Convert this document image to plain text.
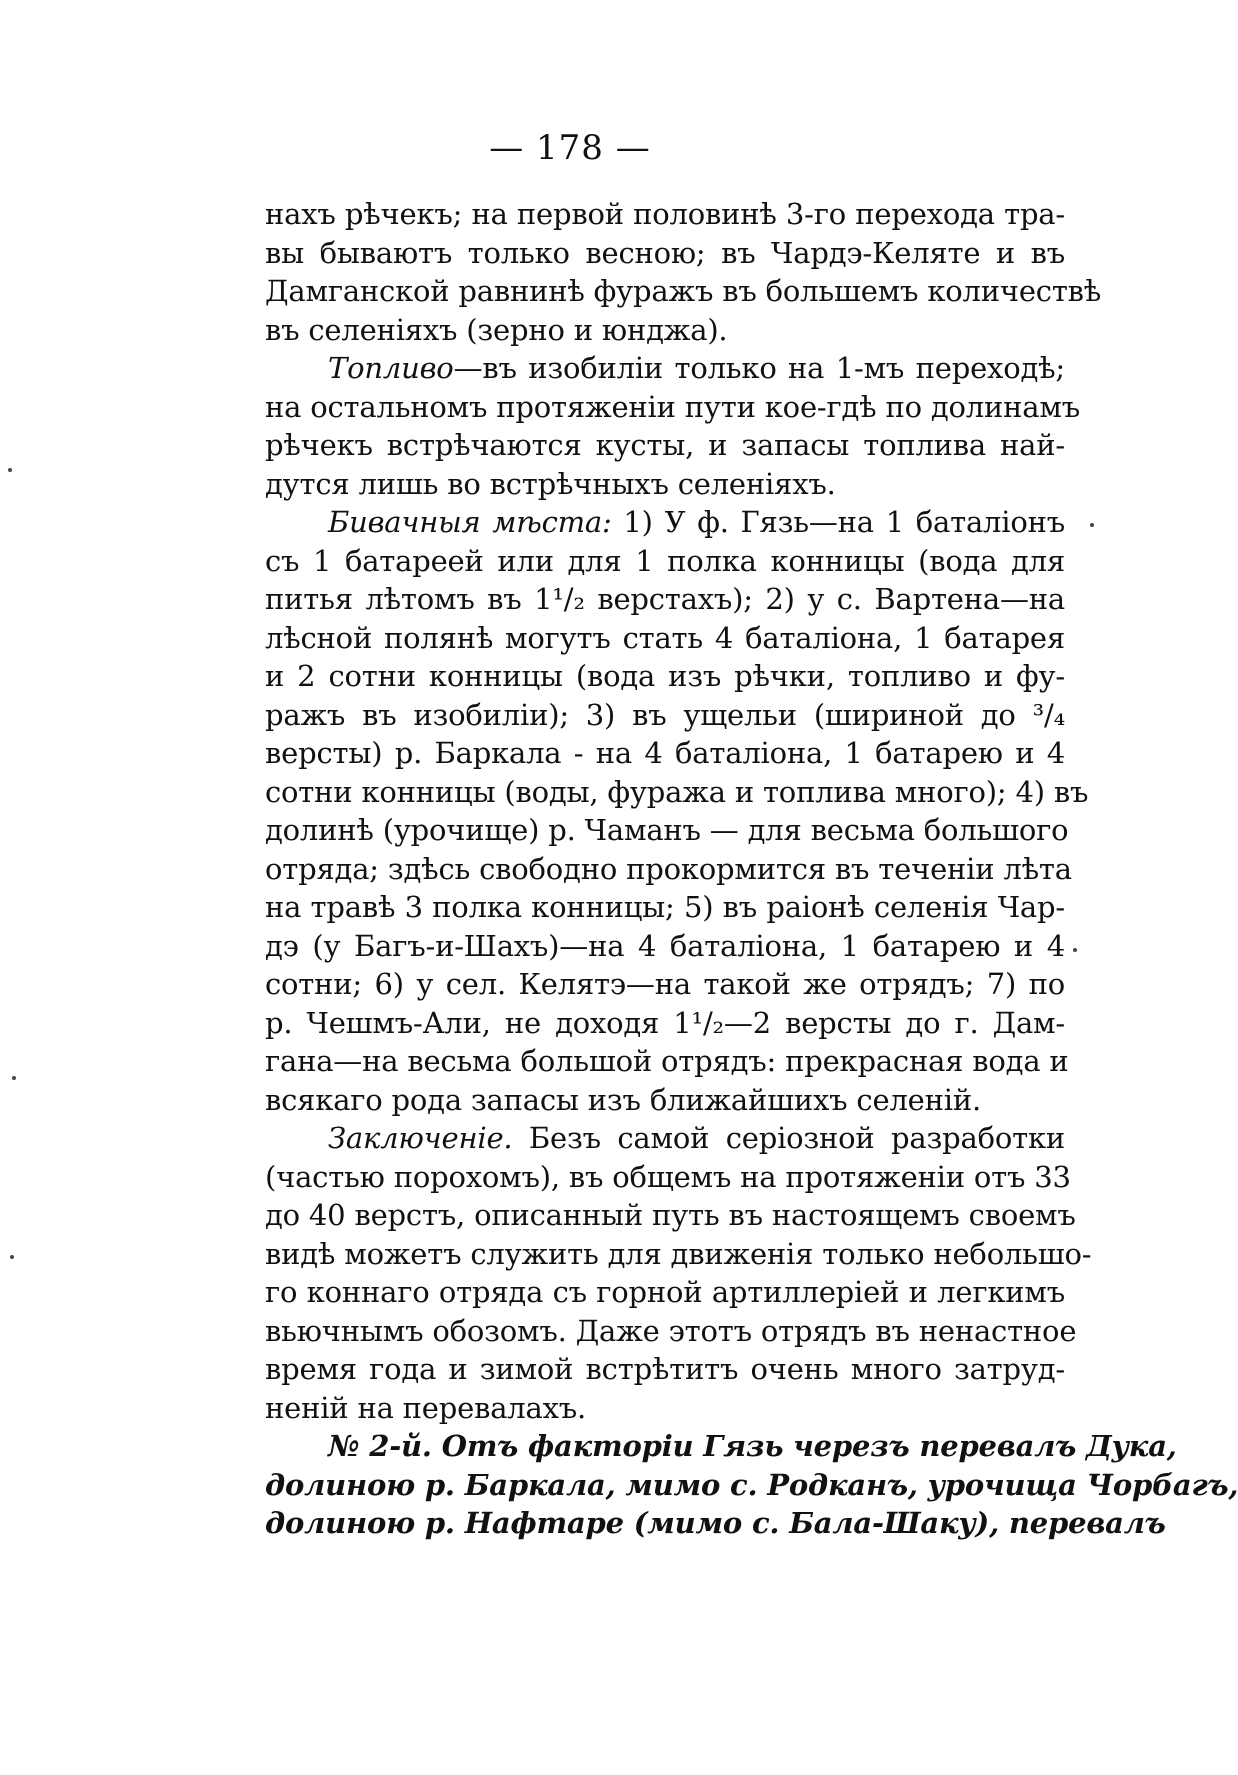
— 178 —
нахъ рѣчекъ; на первой половинѣ 3-го перехода тра-
вы бываютъ только весною; въ Чардэ-Келяте и въ
Дамганской равнинѣ фуражъ въ большемъ количествѣ
въ селеніяхъ (зерно и юнджа).
Топливо—въ изобиліи только на 1-мъ переходѣ;
на остальномъ протяженіи пути кое-гдѣ по долинамъ
рѣчекъ встрѣчаются кусты, и запасы топлива най-
дутся лишь во встрѣчныхъ селеніяхъ.
Бивачныя мѣста: 1) У ф. Гязь—на 1 баталіонъ
съ 1 батареей или для 1 полка конницы (вода для
питья лѣтомъ въ 1¹/₂ верстахъ); 2) у с. Вартена—на
лѣсной полянѣ могутъ стать 4 баталіона, 1 батарея
и 2 сотни конницы (вода изъ рѣчки, топливо и фу-
ражъ въ изобиліи); 3) въ ущельи (шириной до ³/₄
версты) р. Баркала - на 4 баталіона, 1 батарею и 4
сотни конницы (воды, фуража и топлива много); 4) въ
долинѣ (урочище) р. Чаманъ — для весьма большого
отряда; здѣсь свободно прокормится въ теченіи лѣта
на травѣ 3 полка конницы; 5) въ раіонѣ селенія Чар-
дэ (у Багъ-и-Шахъ)—на 4 баталіона, 1 батарею и 4
сотни; 6) у сел. Келятэ—на такой же отрядъ; 7) по
р. Чешмъ-Али, не доходя 1¹/₂—2 версты до г. Дам-
гана—на весьма большой отрядъ: прекрасная вода и
всякаго рода запасы изъ ближайшихъ селеній.
Заключеніе. Безъ самой серіозной разработки
(частью порохомъ), въ общемъ на протяженіи отъ 33
до 40 верстъ, описанный путь въ настоящемъ своемъ
видѣ можетъ служить для движенія только небольшо-
го коннаго отряда съ горной артиллеріей и легкимъ
вьючнымъ обозомъ. Даже этотъ отрядъ въ ненастное
время года и зимой встрѣтитъ очень много затруд-
неній на перевалахъ.
№ 2-й. Отъ факторіи Гязь черезъ перевалъ Дука,
долиною р. Баркала, мимо с. Родканъ, урочища Чорбагъ,
долиною р. Нафтаре (мимо с. Бала-Шаку), перевалъ
